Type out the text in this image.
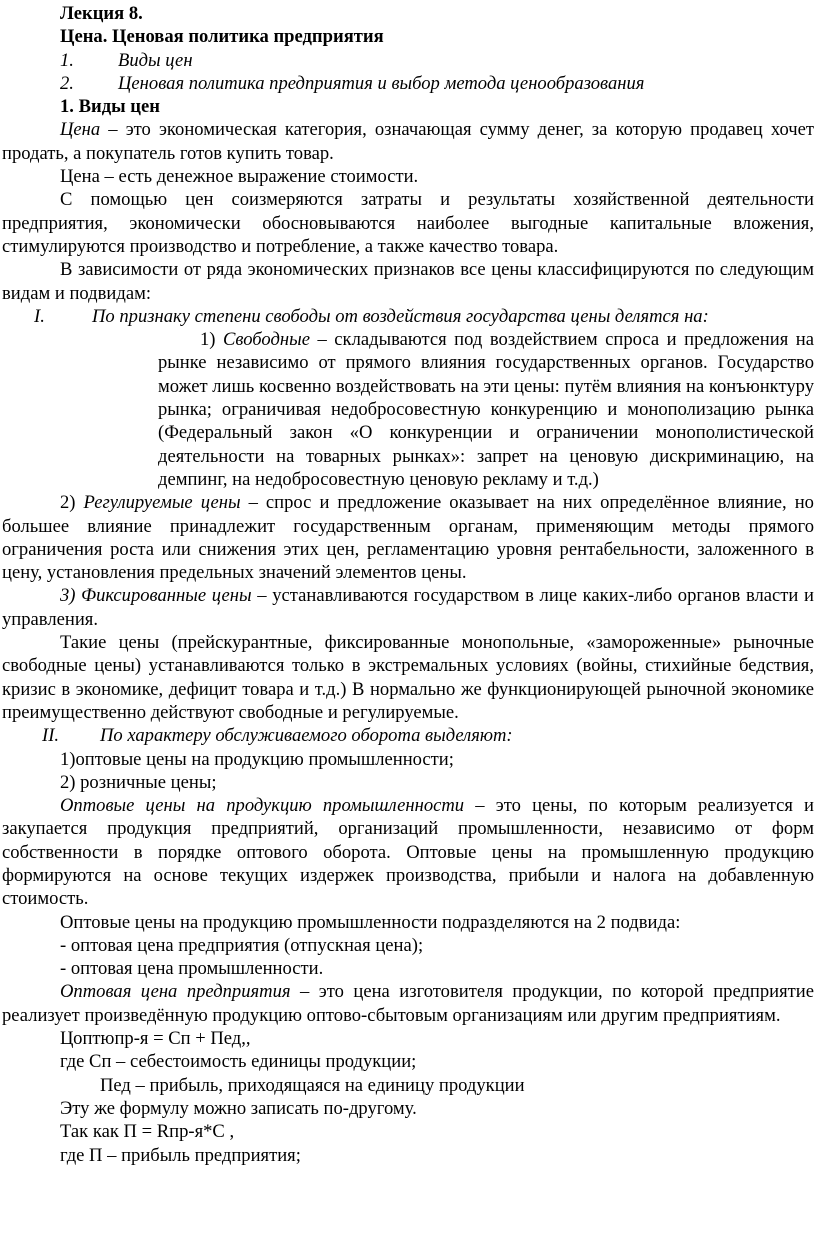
Лекция 8.

Цена. Ценовая политика предприятия

1.	Виды цен
2.	Ценовая политика предприятия и выбор метода ценообразования

1. Виды цен

Цена – это экономическая категория, означающая сумму денег, за которую продавец хочет продать, а покупатель готов купить товар.

Цена – есть денежное выражение стоимости.

С помощью цен соизмеряются затраты и результаты хозяйственной деятельности предприятия, экономически обосновываются наиболее выгодные капитальные вложения, стимулируются производство и потребление, а также качество товара.

В зависимости от ряда экономических признаков все цены классифицируются по следующим видам и подвидам:

I.	По признаку степени свободы от воздействия государства цены делятся на:

1) Свободные – складываются под воздействием спроса и предложения на рынке независимо от прямого влияния государственных органов. Государство может лишь косвенно воздействовать на эти цены: путём влияния на конъюнктуру рынка; ограничивая недобросовестную конкуренцию и монополизацию рынка (Федеральный закон «О конкуренции и ограничении монополистической деятельности на товарных рынках»: запрет на ценовую дискриминацию, на демпинг, на недобросовестную ценовую рекламу и т.д.)

2) Регулируемые цены – спрос и предложение оказывает на них определённое влияние, но большее влияние принадлежит государственным органам, применяющим методы прямого ограничения роста или снижения этих цен, регламентацию уровня рентабельности, заложенного в цену, установления предельных значений элементов цены.

3) Фиксированные цены – устанавливаются государством в лице каких-либо органов власти и управления.

Такие цены (прейскурантные, фиксированные монопольные, «замороженные» рыночные свободные цены) устанавливаются только в экстремальных условиях (войны, стихийные бедствия, кризис в экономике, дефицит товара и т.д.) В нормально же функционирующей рыночной экономике преимущественно действуют свободные и регулируемые.

II.	По характеру обслуживаемого оборота выделяют:

1)оптовые цены на продукцию промышленности;

2) розничные цены;

Оптовые цены на продукцию промышленности – это цены, по которым реализуется и закупается продукция предприятий, организаций промышленности, независимо от форм собственности в порядке оптового оборота. Оптовые цены на промышленную продукцию формируются на основе текущих издержек производства, прибыли и налога на добавленную стоимость.

Оптовые цены на продукцию промышленности подразделяются на 2 подвида:

- оптовая цена предприятия (отпускная цена);

- оптовая цена промышленности.

Оптовая цена предприятия – это цена изготовителя продукции, по которой предприятие реализует произведённую продукцию оптово-сбытовым организациям или другим предприятиям.

Цоптюпр-я = Сп + Пед,,

где Сп – себестоимость единицы продукции;

Пед – прибыль, приходящаяся на единицу продукции

Эту же формулу можно записать по-другому.

Так как П = Rпр-я*С ,

где П – прибыль предприятия;
